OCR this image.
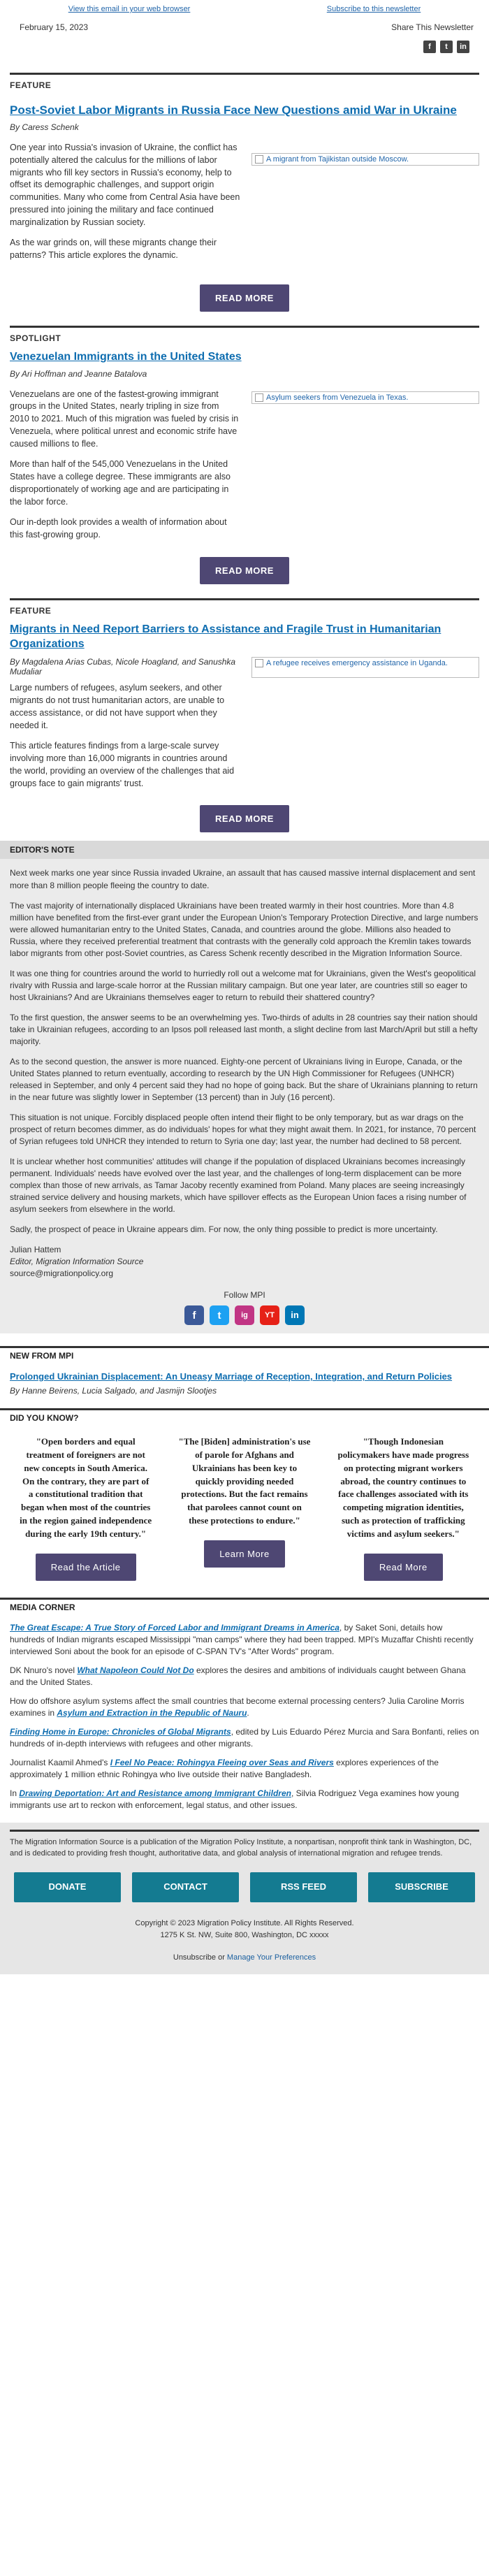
View this email in your web browser	Subscribe to this newsletter
February 15, 2023	Share This Newsletter
f	t	in
FEATURE
Post-Soviet Labor Migrants in Russia Face New Questions amid War in Ukraine
By Caress Schenk

One year into Russia's invasion of Ukraine, the conflict has potentially altered the calculus for the millions of labor migrants who fill key sectors in Russia's economy, help to offset its demographic challenges, and support origin communities. Many who come from Central Asia have been pressured into joining the military and face continued marginalization by Russian society.

As the war grinds on, will these migrants change their patterns? This article explores the dynamic.

A migrant from Tajikistan outside Moscow.
READ MORE
SPOTLIGHT
Venezuelan Immigrants in the United States
By Ari Hoffman and Jeanne Batalova

Venezuelans are one of the fastest-growing immigrant groups in the United States, nearly tripling in size from 2010 to 2021. Much of this migration was fueled by crisis in Venezuela, where political unrest and economic strife have caused millions to flee.

More than half of the 545,000 Venezuelans in the United States have a college degree. These immigrants are also disproportionately of working age and are participating in the labor force.

Our in-depth look provides a wealth of information about this fast-growing group.

Asylum seekers from Venezuela in Texas.
READ MORE
FEATURE
Migrants in Need Report Barriers to Assistance and Fragile Trust in Humanitarian Organizations
By Magdalena Arias Cubas, Nicole Hoagland, and Sanushka Mudaliar

Large numbers of refugees, asylum seekers, and other migrants do not trust humanitarian actors, are unable to access assistance, or did not have support when they needed it.

This article features findings from a large-scale survey involving more than 16,000 migrants in countries around the world, providing an overview of the challenges that aid groups face to gain migrants' trust.

A refugee receives emergency assistance in Uganda.
READ MORE
EDITOR'S NOTE

Next week marks one year since Russia invaded Ukraine, an assault that has caused massive internal displacement and sent more than 8 million people fleeing the country to date.

The vast majority of internationally displaced Ukrainians have been treated warmly in their host countries. More than 4.8 million have benefited from the first-ever grant under the European Union's Temporary Protection Directive, and large numbers were allowed humanitarian entry to the United States, Canada, and countries around the globe. Millions also headed to Russia, where they received preferential treatment that contrasts with the generally cold approach the Kremlin takes towards labor migrants from other post-Soviet countries, as Caress Schenk recently described in the Migration Information Source.

It was one thing for countries around the world to hurriedly roll out a welcome mat for Ukrainians, given the West's geopolitical rivalry with Russia and large-scale horror at the Russian military campaign. But one year later, are countries still so eager to host Ukrainians? And are Ukrainians themselves eager to return to rebuild their shattered country?

To the first question, the answer seems to be an overwhelming yes. Two-thirds of adults in 28 countries say their nation should take in Ukrainian refugees, according to an Ipsos poll released last month, a slight decline from last March/April but still a hefty majority.

As to the second question, the answer is more nuanced. Eighty-one percent of Ukrainians living in Europe, Canada, or the United States planned to return eventually, according to research by the UN High Commissioner for Refugees (UNHCR) released in September, and only 4 percent said they had no hope of going back. But the share of Ukrainians planning to return in the near future was slightly lower in September (13 percent) than in July (16 percent).

This situation is not unique. Forcibly displaced people often intend their flight to be only temporary, but as war drags on the prospect of return becomes dimmer, as do individuals' hopes for what they might await them. In 2021, for instance, 70 percent of Syrian refugees told UNHCR they intended to return to Syria one day; last year, the number had declined to 58 percent.

It is unclear whether host communities' attitudes will change if the population of displaced Ukrainians becomes increasingly permanent. Individuals' needs have evolved over the last year, and the challenges of long-term displacement can be more complex than those of new arrivals, as Tamar Jacoby recently examined from Poland. Many places are seeing increasingly strained service delivery and housing markets, which have spillover effects as the European Union faces a rising number of asylum seekers from elsewhere in the world.

Sadly, the prospect of peace in Ukraine appears dim. For now, the only thing possible to predict is more uncertainty.

Julian Hattem
Editor, Migration Information Source
source@migrationpolicy.org
Follow MPI
f	t	ig	YT	in
NEW FROM MPI
Prolonged Ukrainian Displacement: An Uneasy Marriage of Reception, Integration, and Return Policies
By Hanne Beirens, Lucia Salgado, and Jasmijn Slootjes
DID YOU KNOW?
"Open borders and equal treatment of foreigners are not new concepts in South America. On the contrary, they are part of a constitutional tradition that began when most of the countries in the region gained independence during the early 19th century."
Read the Article
"The [Biden] administration's use of parole for Afghans and Ukrainians has been key to quickly providing needed protections. But the fact remains that parolees cannot count on these protections to endure."
Learn More
"Though Indonesian policymakers have made progress on protecting migrant workers abroad, the country continues to face challenges associated with its competing migration identities, such as protection of trafficking victims and asylum seekers."
Read More
MEDIA CORNER

The Great Escape: A True Story of Forced Labor and Immigrant Dreams in America, by Saket Soni, details how hundreds of Indian migrants escaped Mississippi "man camps" where they had been trapped. MPI's Muzaffar Chishti recently interviewed Soni about the book for an episode of C-SPAN TV's "After Words" program.

DK Nnuro's novel What Napoleon Could Not Do explores the desires and ambitions of individuals caught between Ghana and the United States.

How do offshore asylum systems affect the small countries that become external processing centers? Julia Caroline Morris examines in Asylum and Extraction in the Republic of Nauru.

Finding Home in Europe: Chronicles of Global Migrants, edited by Luis Eduardo Pérez Murcia and Sara Bonfanti, relies on hundreds of in-depth interviews with refugees and other migrants.

Journalist Kaamil Ahmed's I Feel No Peace: Rohingya Fleeing over Seas and Rivers explores experiences of the approximately 1 million ethnic Rohingya who live outside their native Bangladesh.

In Drawing Deportation: Art and Resistance among Immigrant Children, Silvia Rodriguez Vega examines how young immigrants use art to reckon with enforcement, legal status, and other issues.

The Migration Information Source is a publication of the Migration Policy Institute, a nonpartisan, nonprofit think tank in Washington, DC, and is dedicated to providing fresh thought, authoritative data, and global analysis of international migration and refugee trends.
DONATE	CONTACT	RSS FEED	SUBSCRIBE
Copyright © 2023 Migration Policy Institute. All Rights Reserved.
1275 K St. NW, Suite 800, Washington, DC xxxxx
Unsubscribe or Manage Your Preferences
